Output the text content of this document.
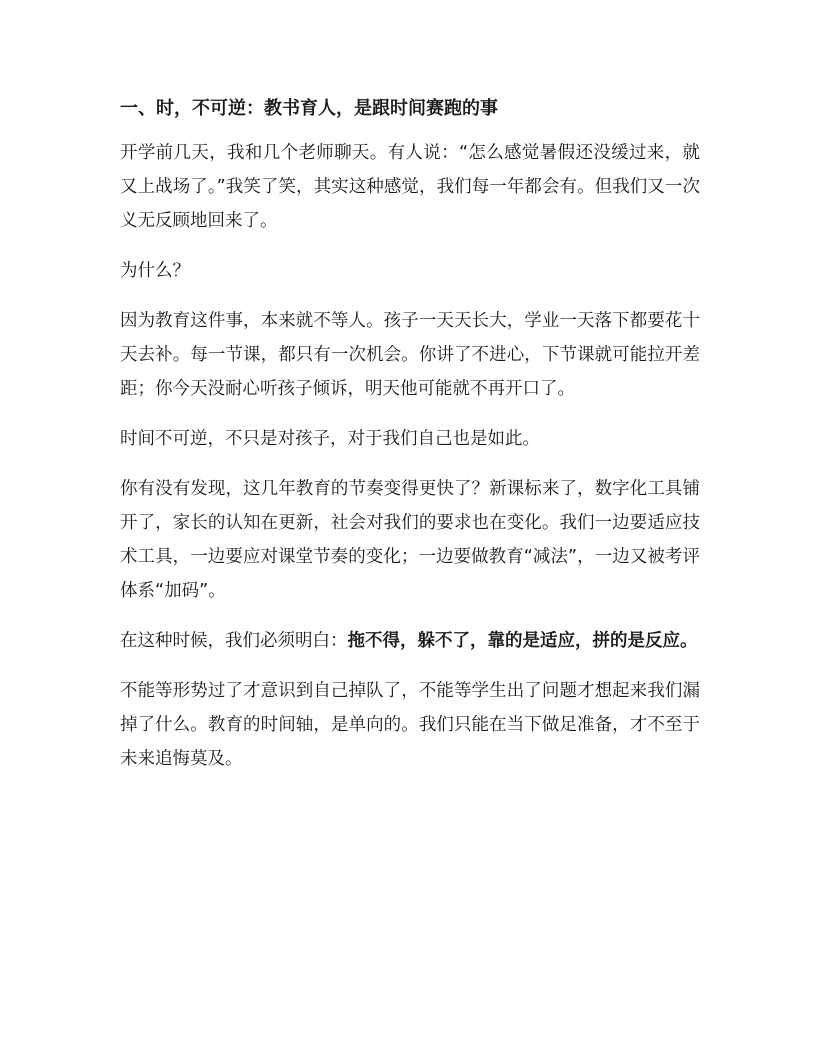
一、时，不可逆：教书育人，是跟时间赛跑的事

开学前几天，我和几个老师聊天。有人说：“怎么感觉暑假还没缓过来，就又上战场了。”我笑了笑，其实这种感觉，我们每一年都会有。但我们又一次义无反顾地回来了。

为什么？

因为教育这件事，本来就不等人。孩子一天天长大，学业一天落下都要花十天去补。每一节课，都只有一次机会。你讲了不进心，下节课就可能拉开差距；你今天没耐心听孩子倾诉，明天他可能就不再开口了。

时间不可逆，不只是对孩子，对于我们自己也是如此。

你有没有发现，这几年教育的节奏变得更快了？新课标来了，数字化工具铺开了，家长的认知在更新，社会对我们的要求也在变化。我们一边要适应技术工具，一边要应对课堂节奏的变化；一边要做教育“减法”，一边又被考评体系“加码”。

在这种时候，我们必须明白：拖不得，躲不了，靠的是适应，拼的是反应。

不能等形势过了才意识到自己掉队了，不能等学生出了问题才想起来我们漏掉了什么。教育的时间轴，是单向的。我们只能在当下做足准备，才不至于未来追悔莫及。
